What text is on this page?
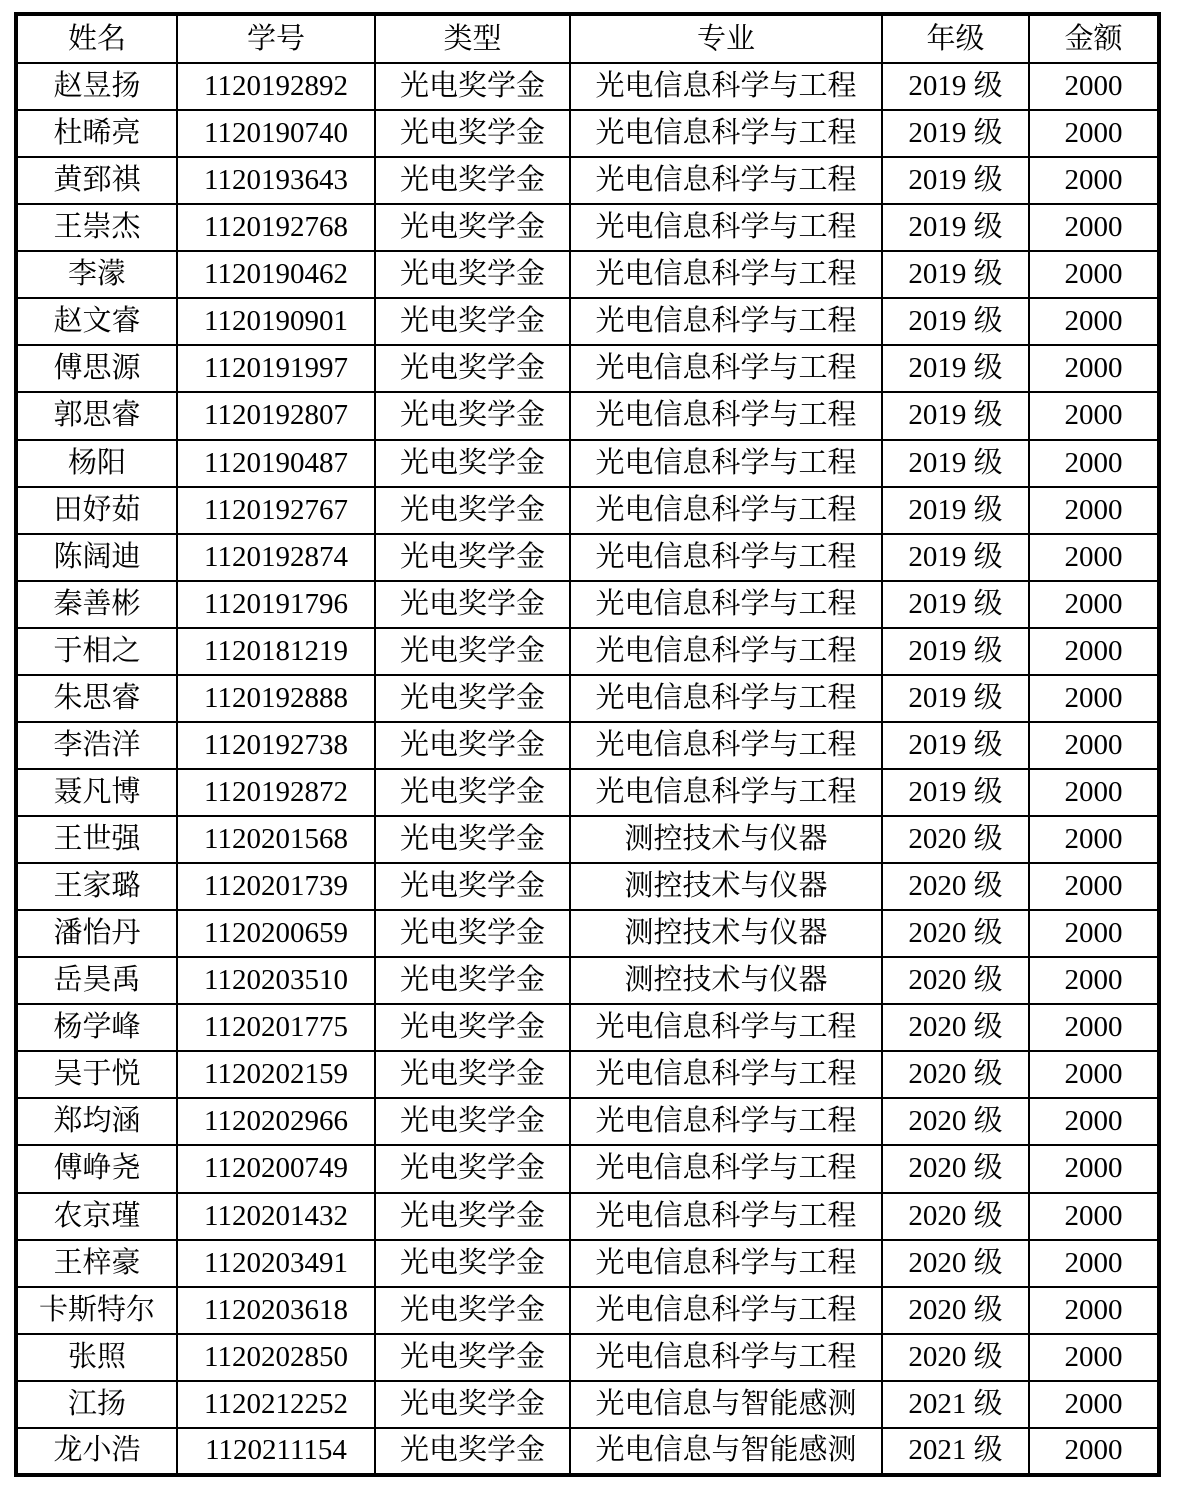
姓名	学号	类型	专业	年级	金额
赵昱扬	1120192892	光电奖学金	光电信息科学与工程	2019 级	2000
杜晞亮	1120190740	光电奖学金	光电信息科学与工程	2019 级	2000
黄郅祺	1120193643	光电奖学金	光电信息科学与工程	2019 级	2000
王崇杰	1120192768	光电奖学金	光电信息科学与工程	2019 级	2000
李濛	1120190462	光电奖学金	光电信息科学与工程	2019 级	2000
赵文睿	1120190901	光电奖学金	光电信息科学与工程	2019 级	2000
傅思源	1120191997	光电奖学金	光电信息科学与工程	2019 级	2000
郭思睿	1120192807	光电奖学金	光电信息科学与工程	2019 级	2000
杨阳	1120190487	光电奖学金	光电信息科学与工程	2019 级	2000
田妤茹	1120192767	光电奖学金	光电信息科学与工程	2019 级	2000
陈阔迪	1120192874	光电奖学金	光电信息科学与工程	2019 级	2000
秦善彬	1120191796	光电奖学金	光电信息科学与工程	2019 级	2000
于相之	1120181219	光电奖学金	光电信息科学与工程	2019 级	2000
朱思睿	1120192888	光电奖学金	光电信息科学与工程	2019 级	2000
李浩洋	1120192738	光电奖学金	光电信息科学与工程	2019 级	2000
聂凡博	1120192872	光电奖学金	光电信息科学与工程	2019 级	2000
王世强	1120201568	光电奖学金	测控技术与仪器	2020 级	2000
王家璐	1120201739	光电奖学金	测控技术与仪器	2020 级	2000
潘怡丹	1120200659	光电奖学金	测控技术与仪器	2020 级	2000
岳昊禹	1120203510	光电奖学金	测控技术与仪器	2020 级	2000
杨学峰	1120201775	光电奖学金	光电信息科学与工程	2020 级	2000
吴于悦	1120202159	光电奖学金	光电信息科学与工程	2020 级	2000
郑均涵	1120202966	光电奖学金	光电信息科学与工程	2020 级	2000
傅峥尧	1120200749	光电奖学金	光电信息科学与工程	2020 级	2000
农京瑾	1120201432	光电奖学金	光电信息科学与工程	2020 级	2000
王梓豪	1120203491	光电奖学金	光电信息科学与工程	2020 级	2000
卡斯特尔	1120203618	光电奖学金	光电信息科学与工程	2020 级	2000
张照	1120202850	光电奖学金	光电信息科学与工程	2020 级	2000
江扬	1120212252	光电奖学金	光电信息与智能感测	2021 级	2000
龙小浩	1120211154	光电奖学金	光电信息与智能感测	2021 级	2000
